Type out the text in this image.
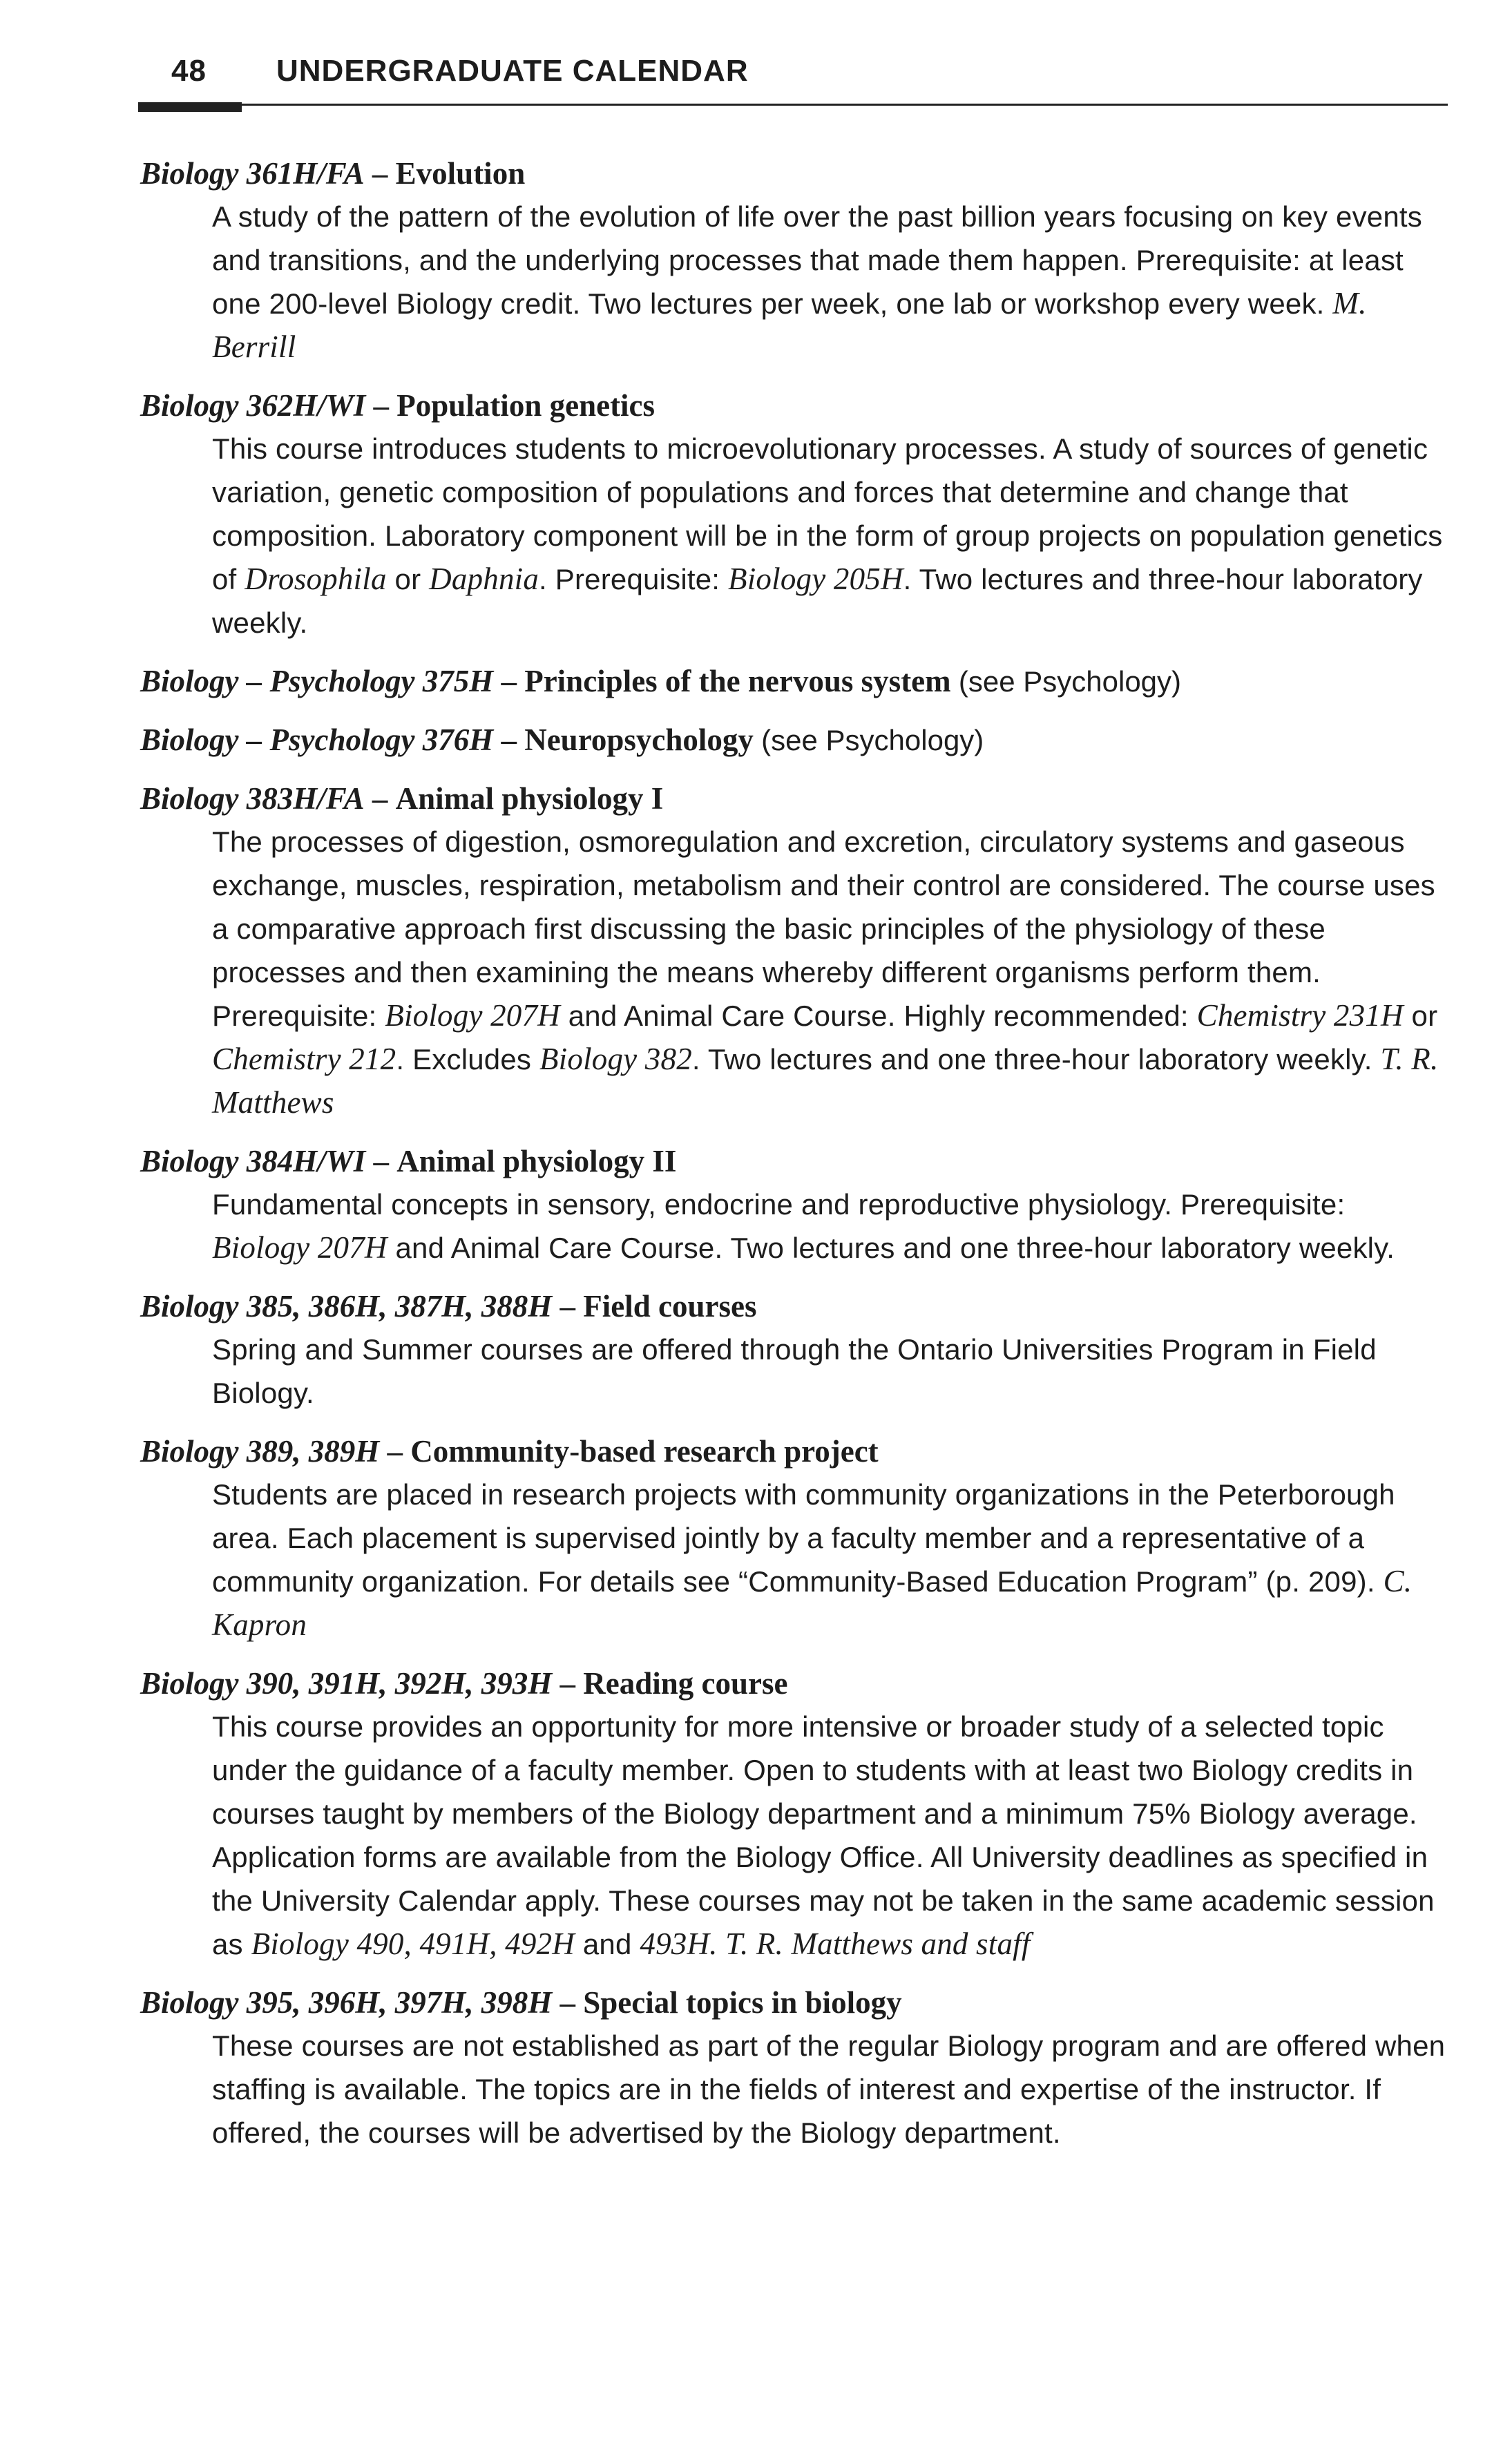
48 UNDERGRADUATE CALENDAR

Biology 361H/FA – Evolution

A study of the pattern of the evolution of life over the past billion years focusing on key events and transitions, and the underlying processes that made them happen. Prerequisite: at least one 200-level Biology credit. Two lectures per week, one lab or workshop every week. M. Berrill

Biology 362H/WI – Population genetics

This course introduces students to microevolutionary processes. A study of sources of genetic variation, genetic composition of populations and forces that determine and change that composition. Laboratory component will be in the form of group projects on population genetics of Drosophila or Daphnia. Prerequisite: Biology 205H. Two lectures and three-hour laboratory weekly.

Biology – Psychology 375H – Principles of the nervous system (see Psychology)

Biology – Psychology 376H – Neuropsychology (see Psychology)

Biology 383H/FA – Animal physiology I

The processes of digestion, osmoregulation and excretion, circulatory systems and gaseous exchange, muscles, respiration, metabolism and their control are considered. The course uses a comparative approach first discussing the basic principles of the physiology of these processes and then examining the means whereby different organisms perform them. Prerequisite: Biology 207H and Animal Care Course. Highly recommended: Chemistry 231H or Chemistry 212. Excludes Biology 382. Two lectures and one three-hour laboratory weekly. T. R. Matthews

Biology 384H/WI – Animal physiology II

Fundamental concepts in sensory, endocrine and reproductive physiology. Prerequisite: Biology 207H and Animal Care Course. Two lectures and one three-hour laboratory weekly.

Biology 385, 386H, 387H, 388H – Field courses

Spring and Summer courses are offered through the Ontario Universities Program in Field Biology.

Biology 389, 389H – Community-based research project

Students are placed in research projects with community organizations in the Peterborough area. Each placement is supervised jointly by a faculty member and a representative of a community organization. For details see “Community-Based Education Program” (p. 209). C. Kapron

Biology 390, 391H, 392H, 393H – Reading course

This course provides an opportunity for more intensive or broader study of a selected topic under the guidance of a faculty member. Open to students with at least two Biology credits in courses taught by members of the Biology department and a minimum 75% Biology average. Application forms are available from the Biology Office. All University deadlines as specified in the University Calendar apply. These courses may not be taken in the same academic session as Biology 490, 491H, 492H and 493H. T. R. Matthews and staff

Biology 395, 396H, 397H, 398H – Special topics in biology

These courses are not established as part of the regular Biology program and are offered when staffing is available. The topics are in the fields of interest and expertise of the instructor. If offered, the courses will be advertised by the Biology department.
